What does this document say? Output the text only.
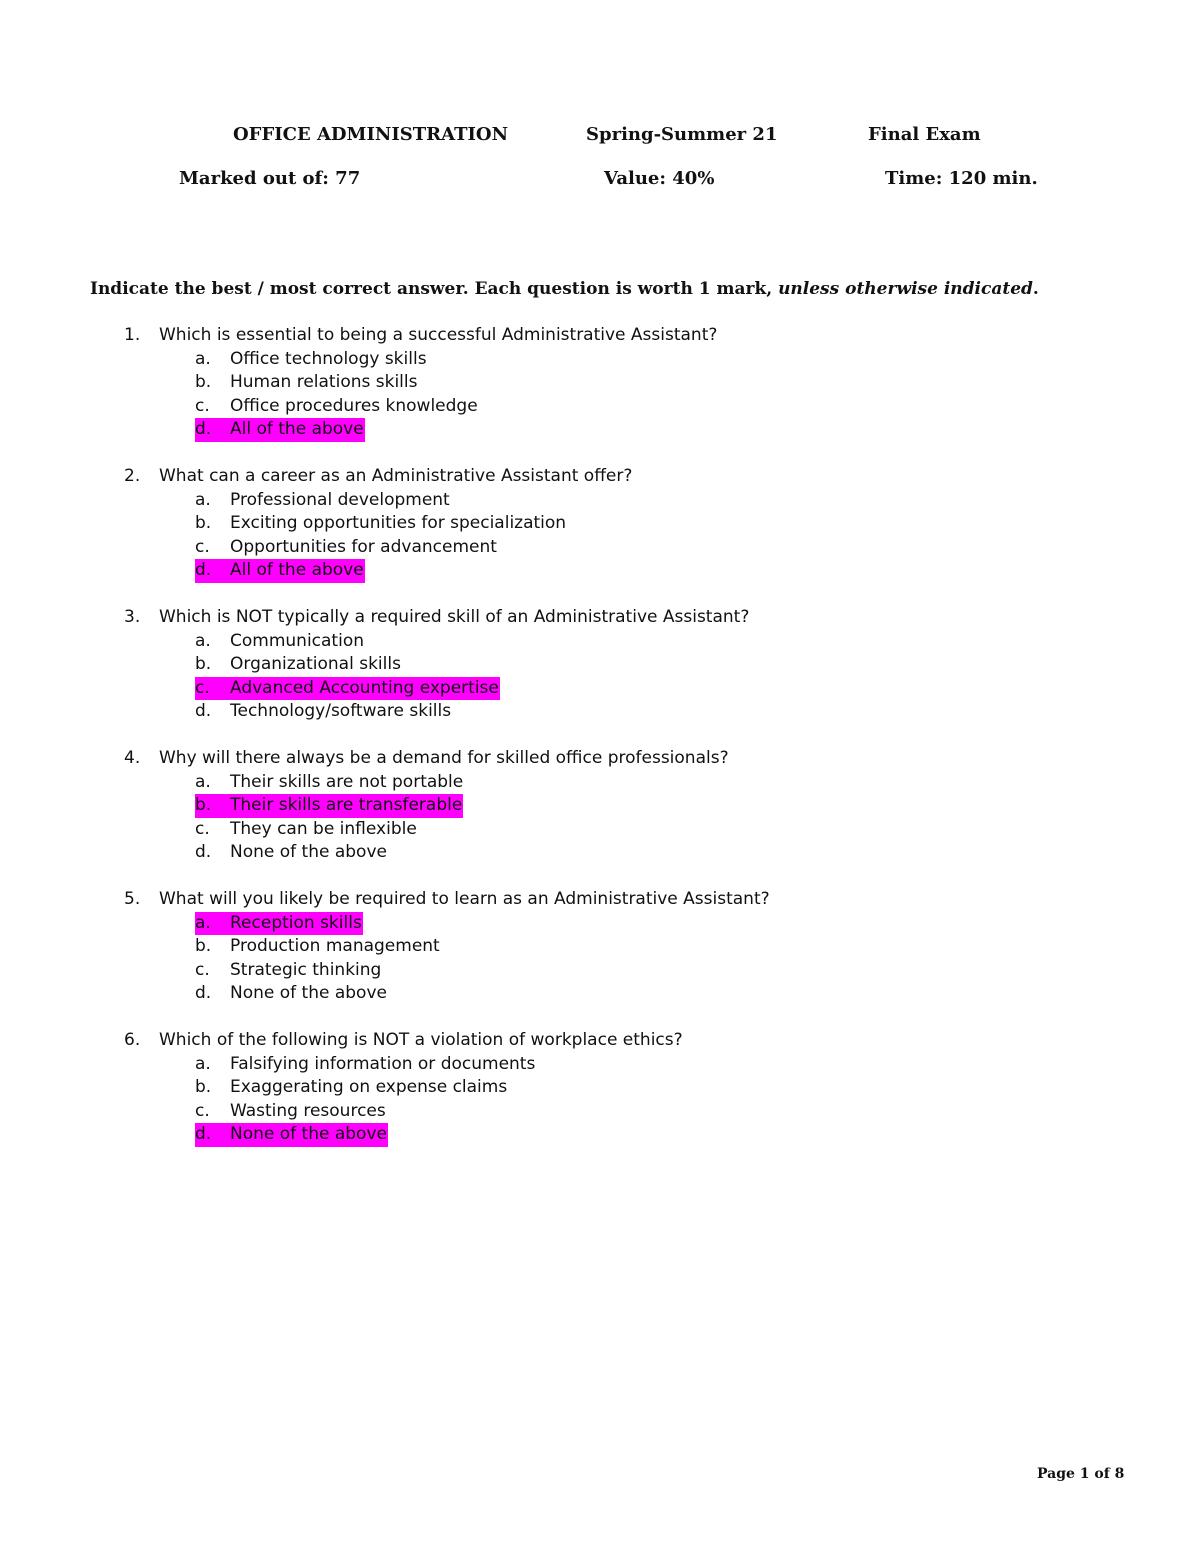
OFFICE ADMINISTRATION	Spring-Summer 21	Final Exam
Marked out of: 77	Value: 40%	Time: 120 min.
Indicate the best / most correct answer. Each question is worth 1 mark, unless otherwise indicated.
1. Which is essential to being a successful Administrative Assistant?
a. Office technology skills
b. Human relations skills
c. Office procedures knowledge
d. All of the above
2. What can a career as an Administrative Assistant offer?
a. Professional development
b. Exciting opportunities for specialization
c. Opportunities for advancement
d. All of the above
3. Which is NOT typically a required skill of an Administrative Assistant?
a. Communication
b. Organizational skills
c. Advanced Accounting expertise
d. Technology/software skills
4. Why will there always be a demand for skilled office professionals?
a. Their skills are not portable
b. Their skills are transferable
c. They can be inflexible
d. None of the above
5. What will you likely be required to learn as an Administrative Assistant?
a. Reception skills
b. Production management
c. Strategic thinking
d. None of the above
6. Which of the following is NOT a violation of workplace ethics?
a. Falsifying information or documents
b. Exaggerating on expense claims
c. Wasting resources
d. None of the above
Page 1 of 8
